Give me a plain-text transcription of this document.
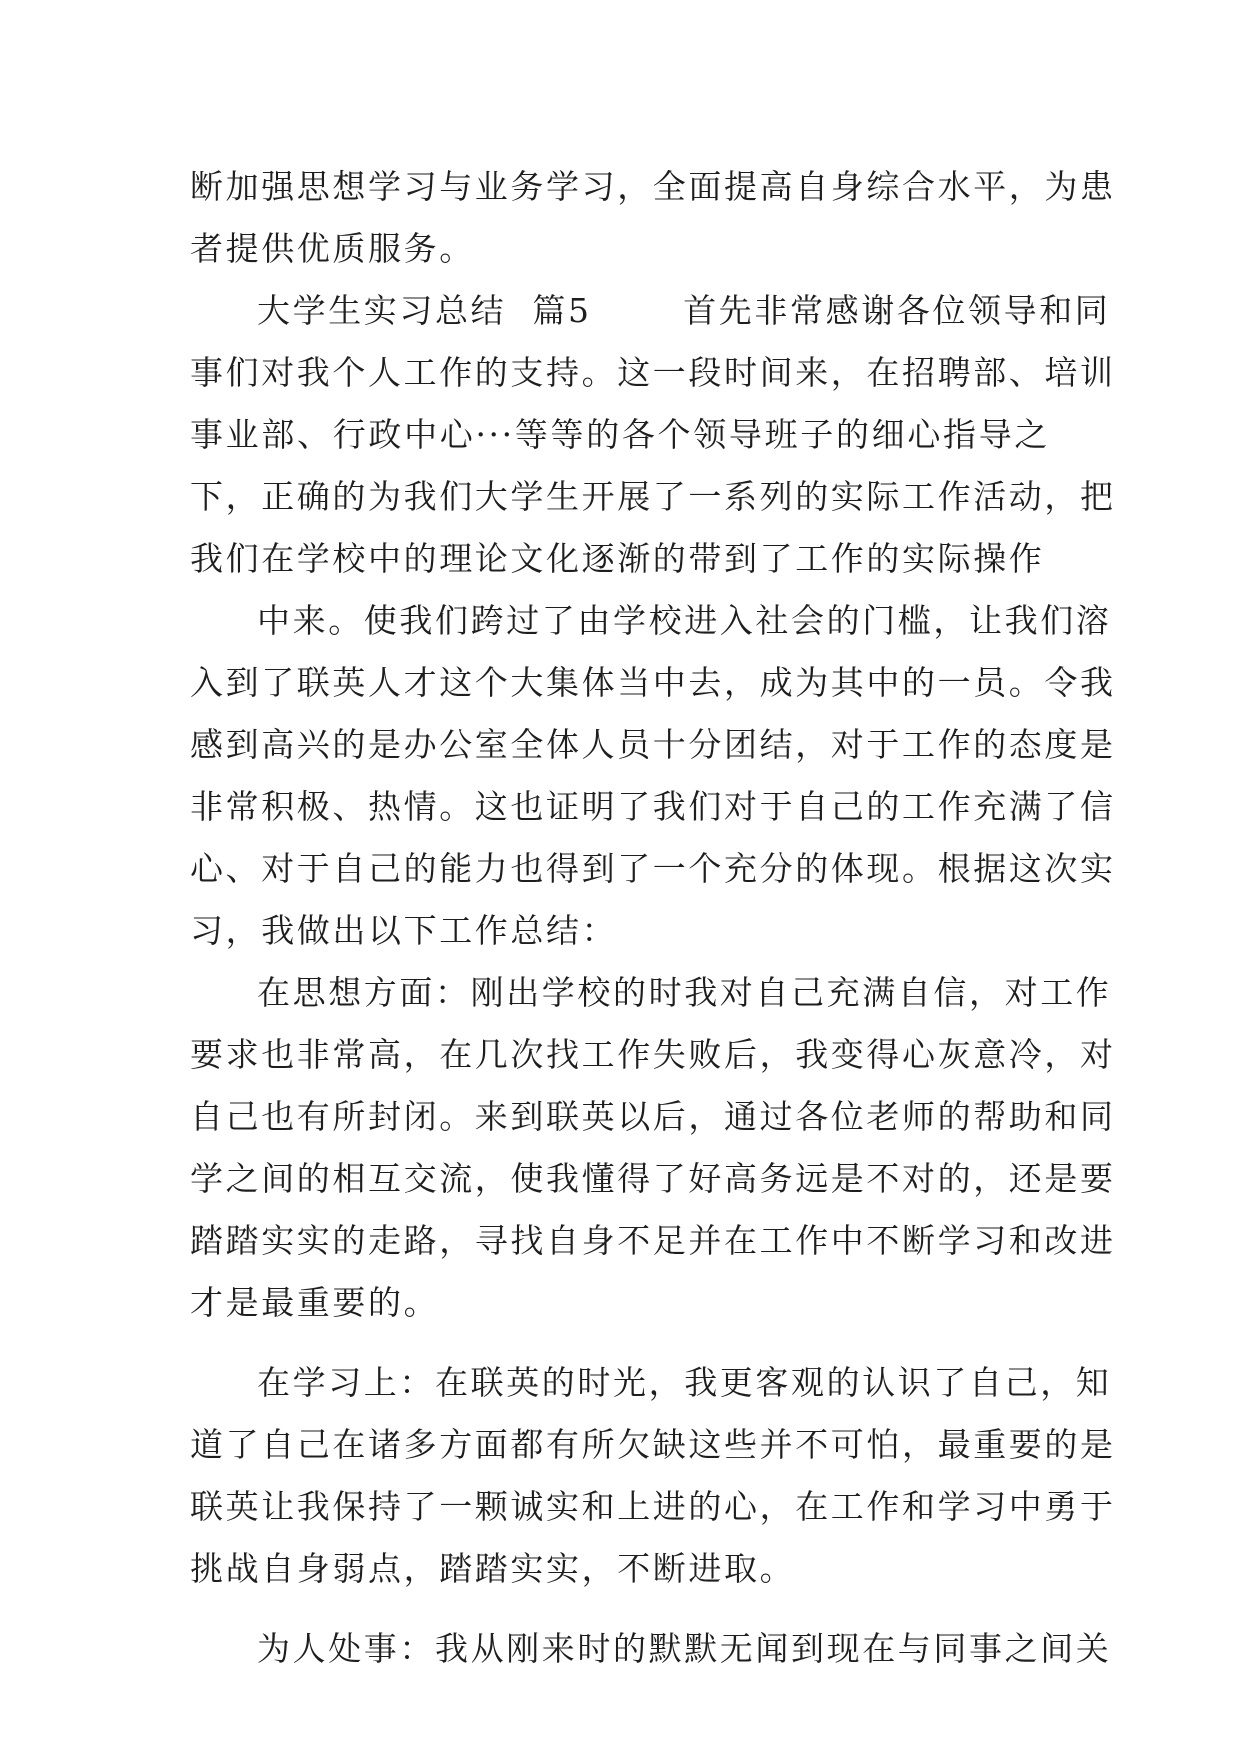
断加强思想学习与业务学习，全面提高自身综合水平，为患
者提供优质服务。
大学生实习总结  篇5       首先非常感谢各位领导和同
事们对我个人工作的支持。这一段时间来，在招聘部、培训
事业部、行政中心···等等的各个领导班子的细心指导之
下，正确的为我们大学生开展了一系列的实际工作活动，把
我们在学校中的理论文化逐渐的带到了工作的实际操作
中来。使我们跨过了由学校进入社会的门槛，让我们溶
入到了联英人才这个大集体当中去，成为其中的一员。令我
感到高兴的是办公室全体人员十分团结，对于工作的态度是
非常积极、热情。这也证明了我们对于自己的工作充满了信
心、对于自己的能力也得到了一个充分的体现。根据这次实
习，我做出以下工作总结：
在思想方面：刚出学校的时我对自己充满自信，对工作
要求也非常高，在几次找工作失败后，我变得心灰意冷，对
自己也有所封闭。来到联英以后，通过各位老师的帮助和同
学之间的相互交流，使我懂得了好高务远是不对的，还是要
踏踏实实的走路，寻找自身不足并在工作中不断学习和改进
才是最重要的。
在学习上：在联英的时光，我更客观的认识了自己，知
道了自己在诸多方面都有所欠缺这些并不可怕，最重要的是
联英让我保持了一颗诚实和上进的心，在工作和学习中勇于
挑战自身弱点，踏踏实实，不断进取。
为人处事：我从刚来时的默默无闻到现在与同事之间关
